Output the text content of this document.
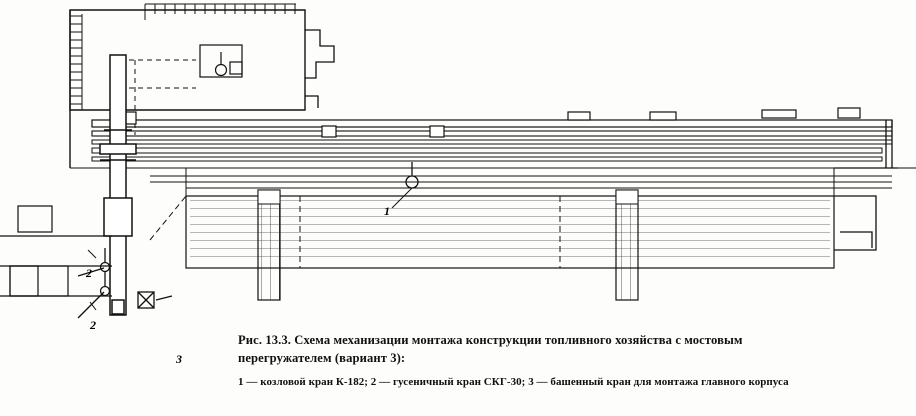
1
2
2
3
Рис. 13.3. Схема механизации монтажа конструкции топливного хозяйства с мостовым
перегружателем (вариант 3):
1 — козловой кран К-182; 2 — гусеничный кран СКГ-30; 3 — башенный кран для монтажа главного корпуса
